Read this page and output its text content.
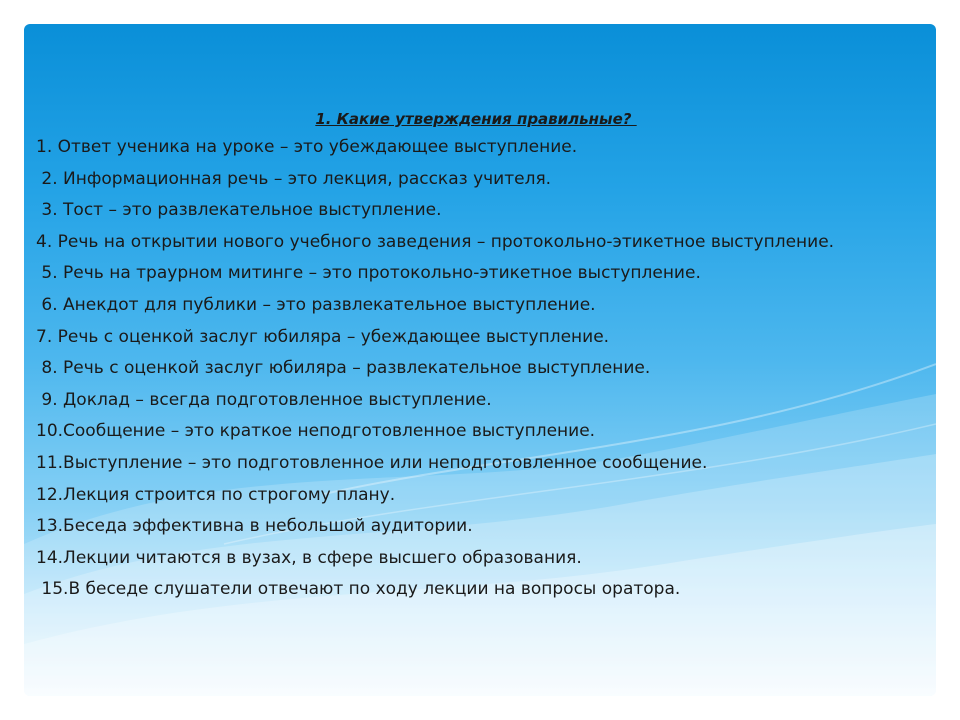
1. Какие утверждения правильные?
1. Ответ ученика на уроке – это убеждающее выступление.
2. Информационная речь – это лекция, рассказ учителя.
3. Тост – это развлекательное выступление.
4. Речь на открытии нового учебного заведения – протокольно-этикетное выступление.
5. Речь на траурном митинге – это протокольно-этикетное выступление.
6. Анекдот для публики – это развлекательное выступление.
7. Речь с оценкой заслуг юбиляра – убеждающее выступление.
8. Речь с оценкой заслуг юбиляра – развлекательное выступление.
9. Доклад – всегда подготовленное выступление.
10.Сообщение – это краткое неподготовленное выступление.
11.Выступление – это подготовленное или неподготовленное сообщение.
12.Лекция строится по строгому плану.
13.Беседа эффективна в небольшой аудитории.
14.Лекции читаются в вузах, в сфере высшего образования.
15.В беседе слушатели отвечают по ходу лекции на вопросы оратора.
